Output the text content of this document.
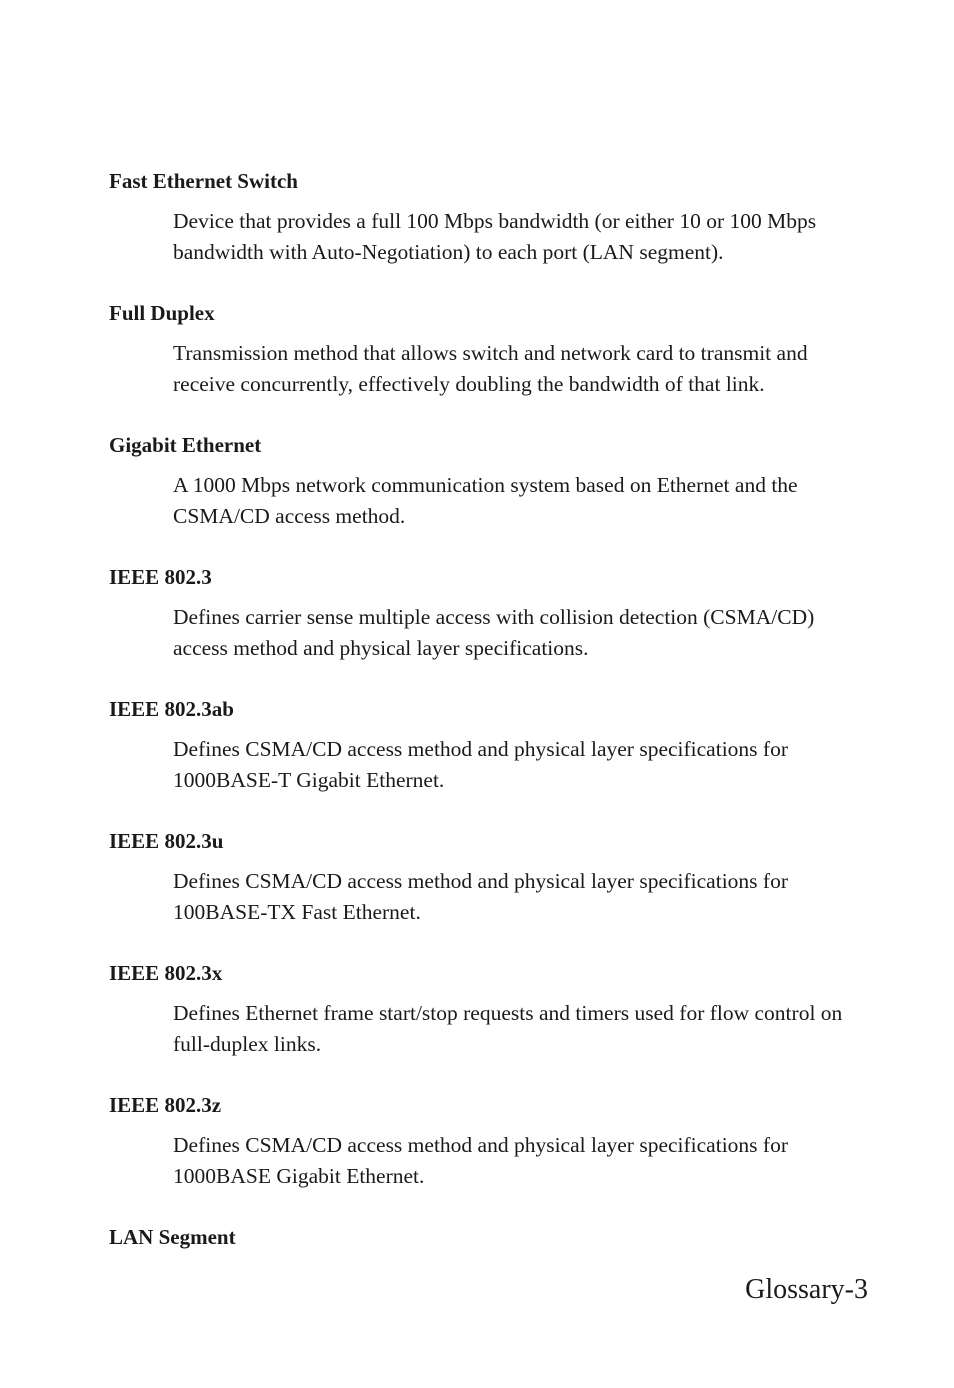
Fast Ethernet Switch
Device that provides a full 100 Mbps bandwidth (or either 10 or 100 Mbps bandwidth with Auto-Negotiation) to each port (LAN segment).
Full Duplex
Transmission method that allows switch and network card to transmit and receive concurrently, effectively doubling the bandwidth of that link.
Gigabit Ethernet
A 1000 Mbps network communication system based on Ethernet and the CSMA/CD access method.
IEEE 802.3
Defines carrier sense multiple access with collision detection (CSMA/CD) access method and physical layer specifications.
IEEE 802.3ab
Defines CSMA/CD access method and physical layer specifications for 1000BASE-T Gigabit Ethernet.
IEEE 802.3u
Defines CSMA/CD access method and physical layer specifications for 100BASE-TX Fast Ethernet.
IEEE 802.3x
Defines Ethernet frame start/stop requests and timers used for flow control on full-duplex links.
IEEE 802.3z
Defines CSMA/CD access method and physical layer specifications for 1000BASE Gigabit Ethernet.
LAN Segment
Glossary-3
